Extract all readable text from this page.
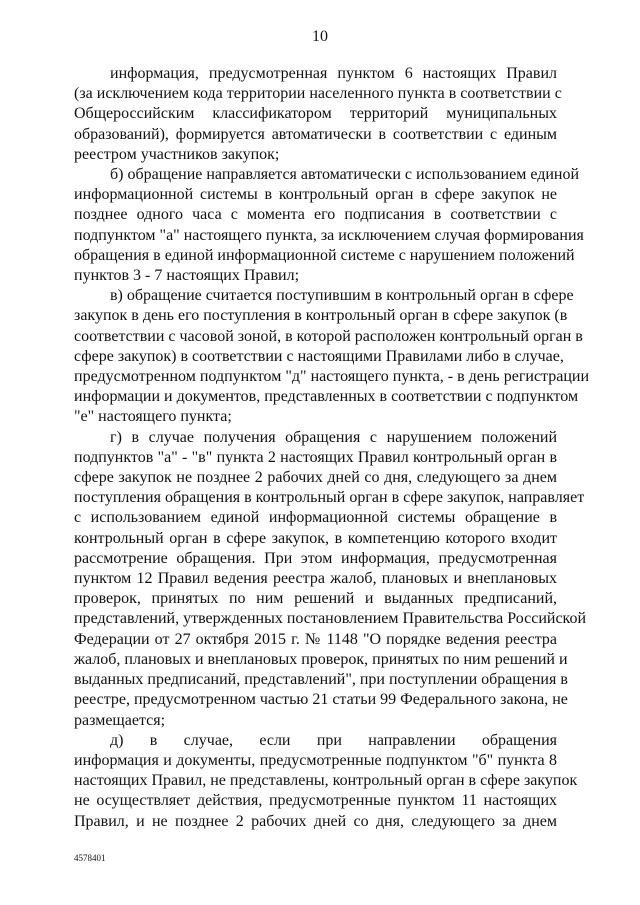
10
информация, предусмотренная пунктом 6 настоящих Правил
(за исключением кода территории населенного пункта в соответствии с
Общероссийским классификатором территорий муниципальных
образований), формируется автоматически в соответствии с единым
реестром участников закупок;
б) обращение направляется автоматически с использованием единой
информационной системы в контрольный орган в сфере закупок не
позднее одного часа с момента его подписания в соответствии с
подпунктом "а" настоящего пункта, за исключением случая формирования
обращения в единой информационной системе с нарушением положений
пунктов 3 - 7 настоящих Правил;
в) обращение считается поступившим в контрольный орган в сфере
закупок в день его поступления в контрольный орган в сфере закупок (в
соответствии с часовой зоной, в которой расположен контрольный орган в
сфере закупок) в соответствии с настоящими Правилами либо в случае,
предусмотренном подпунктом "д" настоящего пункта, - в день регистрации
информации и документов, представленных в соответствии с подпунктом
"е" настоящего пункта;
г) в случае получения обращения с нарушением положений
подпунктов "а" - "в" пункта 2 настоящих Правил контрольный орган в
сфере закупок не позднее 2 рабочих дней со дня, следующего за днем
поступления обращения в контрольный орган в сфере закупок, направляет
с использованием единой информационной системы обращение в
контрольный орган в сфере закупок, в компетенцию которого входит
рассмотрение обращения. При этом информация, предусмотренная
пунктом 12 Правил ведения реестра жалоб, плановых и внеплановых
проверок, принятых по ним решений и выданных предписаний,
представлений, утвержденных постановлением Правительства Российской
Федерации от 27 октября 2015 г. № 1148 "О порядке ведения реестра
жалоб, плановых и внеплановых проверок, принятых по ним решений и
выданных предписаний, представлений", при поступлении обращения в
реестре, предусмотренном частью 21 статьи 99 Федерального закона, не
размещается;
д) в случае, если при направлении обращения
информация и документы, предусмотренные подпунктом "б" пункта 8
настоящих Правил, не представлены, контрольный орган в сфере закупок
не осуществляет действия, предусмотренные пунктом 11 настоящих
Правил, и не позднее 2 рабочих дней со дня, следующего за днем
4578401
